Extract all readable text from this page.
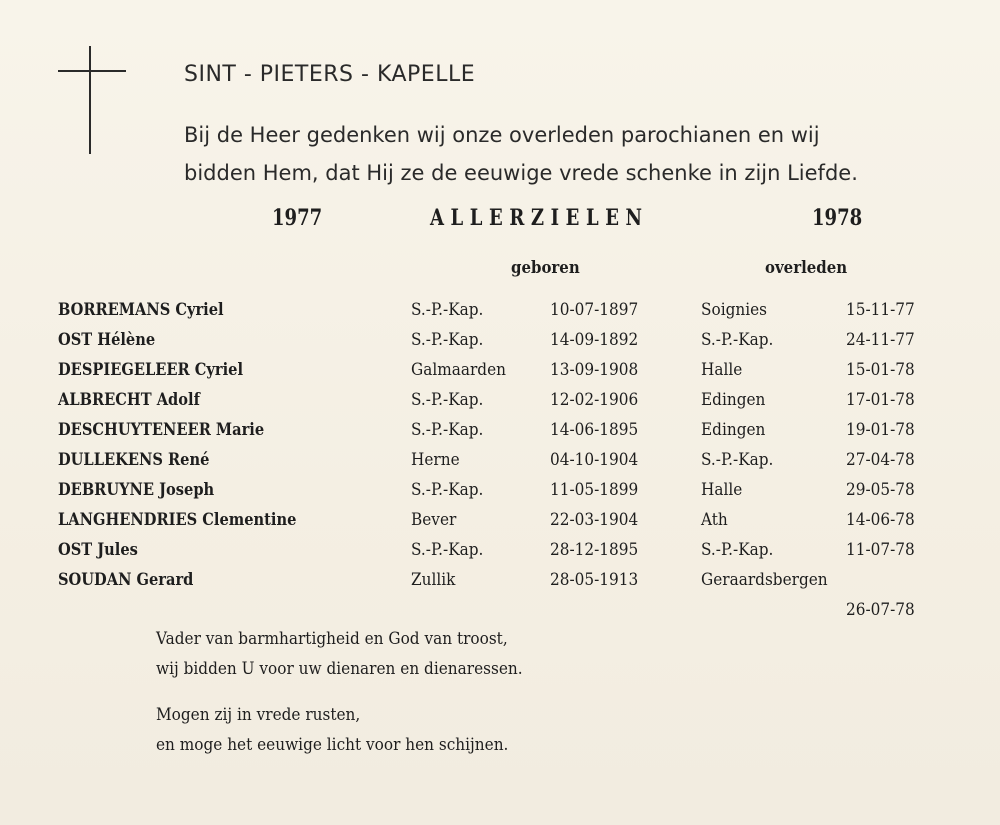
SINT - PIETERS - KAPELLE
Bij de Heer gedenken wij onze overleden parochianen en wij
bidden Hem, dat Hij ze de eeuwige vrede schenke in zijn Liefde.
1977	ALLERZIELEN	1978
geboren	overleden
BORREMANS Cyriel	S.-P.-Kap.	10-07-1897	Soignies	15-11-77
OST Hélène	S.-P.-Kap.	14-09-1892	S.-P.-Kap.	24-11-77
DESPIEGELEER Cyriel	Galmaarden	13-09-1908	Halle	15-01-78
ALBRECHT Adolf	S.-P.-Kap.	12-02-1906	Edingen	17-01-78
DESCHUYTENEER Marie	S.-P.-Kap.	14-06-1895	Edingen	19-01-78
DULLEKENS René	Herne	04-10-1904	S.-P.-Kap.	27-04-78
DEBRUYNE Joseph	S.-P.-Kap.	11-05-1899	Halle	29-05-78
LANGHENDRIES Clementine	Bever	22-03-1904	Ath	14-06-78
OST Jules	S.-P.-Kap.	28-12-1895	S.-P.-Kap.	11-07-78
SOUDAN Gerard	Zullik	28-05-1913	Geraardsbergen
26-07-78
Vader van barmhartigheid en God van troost,
wij bidden U voor uw dienaren en dienaressen.
Mogen zij in vrede rusten,
en moge het eeuwige licht voor hen schijnen.
